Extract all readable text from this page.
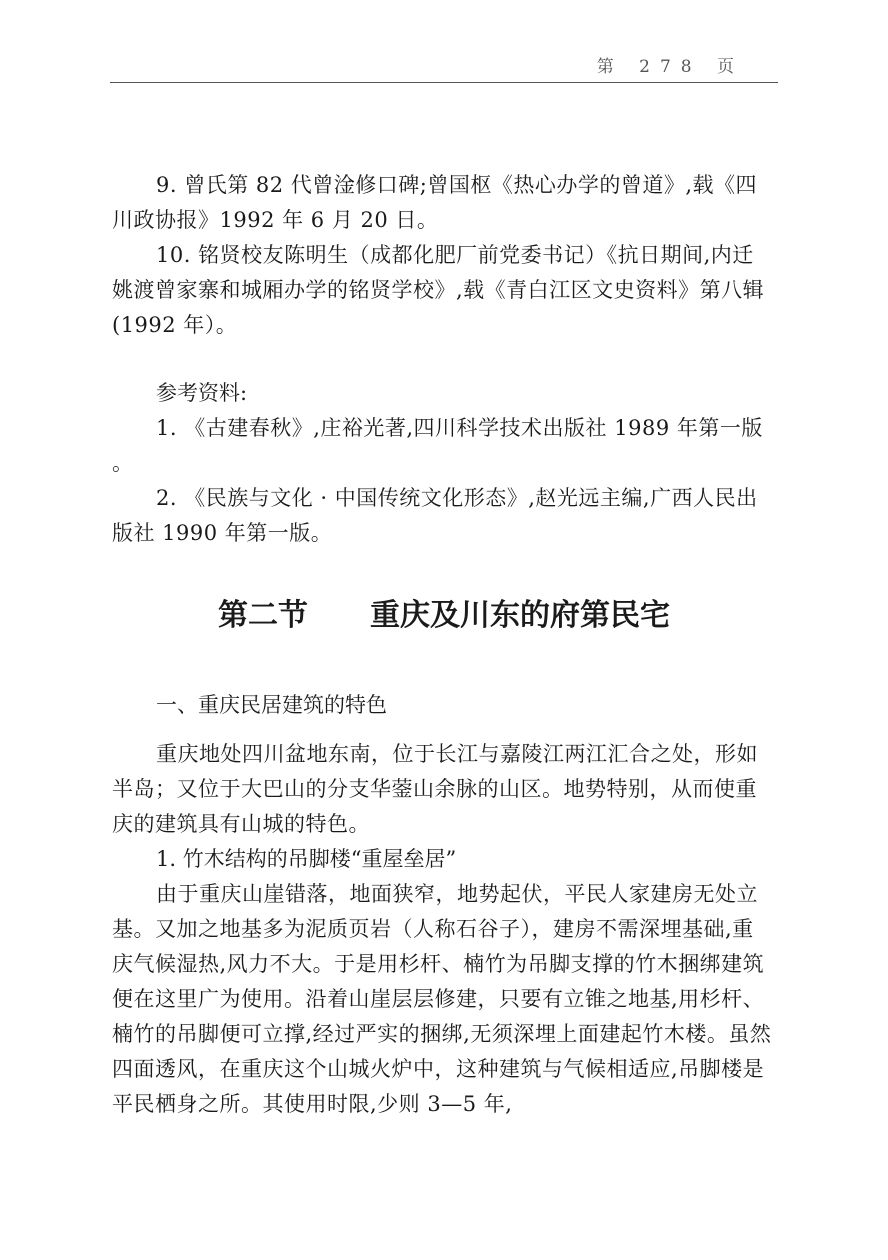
第 278 页

9. 曾氏第 82 代曾淦修口碑;曾国枢《热心办学的曾道》,载《四川政协报》1992 年 6 月 20 日。

10. 铭贤校友陈明生（成都化肥厂前党委书记）《抗日期间,内迁姚渡曾家寨和城厢办学的铭贤学校》,载《青白江区文史资料》第八辑(1992 年）。

参考资料:

1. 《古建春秋》,庄裕光著,四川科学技术出版社 1989 年第一版 。

2. 《民族与文化 · 中国传统文化形态》,赵光远主编,广西人民出版社 1990 年第一版。

第二节 重庆及川东的府第民宅

一、重庆民居建筑的特色

重庆地处四川盆地东南，位于长江与嘉陵江两江汇合之处，形如半岛；又位于大巴山的分支华蓥山余脉的山区。地势特别，从而使重庆的建筑具有山城的特色。

1. 竹木结构的吊脚楼“重屋垒居”

由于重庆山崖错落，地面狭窄，地势起伏，平民人家建房无处立基。又加之地基多为泥质页岩（人称石谷子），建房不需深埋基础,重庆气候湿热,风力不大。于是用杉杆、楠竹为吊脚支撑的竹木捆绑建筑便在这里广为使用。沿着山崖层层修建，只要有立锥之地基,用杉杆、楠竹的吊脚便可立撑,经过严实的捆绑,无须深埋上面建起竹木楼。虽然四面透风，在重庆这个山城火炉中，这种建筑与气候相适应,吊脚楼是平民栖身之所。其使用时限,少则 3—5 年,
